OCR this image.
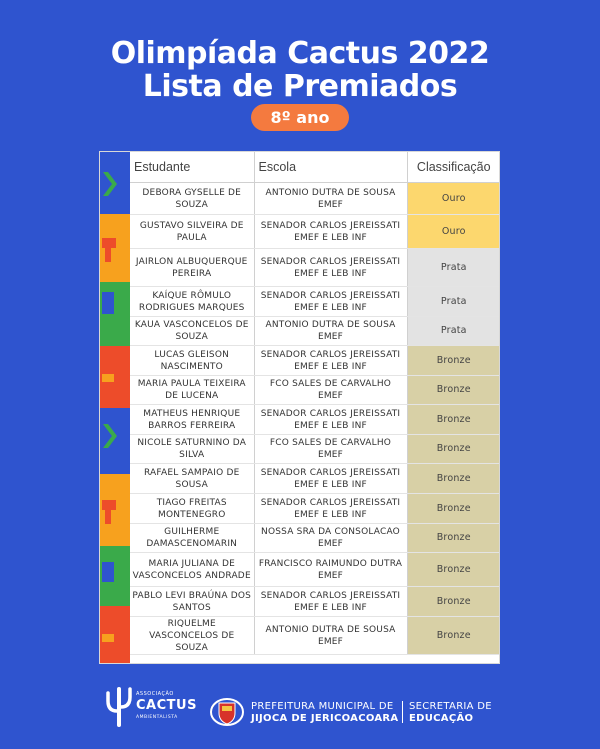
Olimpíada Cactus 2022
Lista de Premiados
8º ano
Estudante	Escola	Classificação
DEBORA GYSELLE DE SOUZA	ANTONIO DUTRA DE SOUSA EMEF	Ouro
GUSTAVO SILVEIRA DE PAULA	SENADOR CARLOS JEREISSATI EMEF E LEB INF	Ouro
JAIRLON ALBUQUERQUE PEREIRA	SENADOR CARLOS JEREISSATI EMEF E LEB INF	Prata
KAÍQUE RÔMULO RODRIGUES MARQUES	SENADOR CARLOS JEREISSATI EMEF E LEB INF	Prata
KAUA VASCONCELOS DE SOUZA	ANTONIO DUTRA DE SOUSA EMEF	Prata
LUCAS GLEISON NASCIMENTO	SENADOR CARLOS JEREISSATI EMEF E LEB INF	Bronze
MARIA PAULA TEIXEIRA DE LUCENA	FCO SALES DE CARVALHO EMEF	Bronze
MATHEUS HENRIQUE BARROS FERREIRA	SENADOR CARLOS JEREISSATI EMEF E LEB INF	Bronze
NICOLE SATURNINO DA SILVA	FCO SALES DE CARVALHO EMEF	Bronze
RAFAEL SAMPAIO DE SOUSA	SENADOR CARLOS JEREISSATI EMEF E LEB INF	Bronze
TIAGO FREITAS MONTENEGRO	SENADOR CARLOS JEREISSATI EMEF E LEB INF	Bronze
GUILHERME DAMASCENOMARIN	NOSSA SRA DA CONSOLACAO EMEF	Bronze
MARIA JULIANA DE VASCONCELOS ANDRADE	FRANCISCO RAIMUNDO DUTRA EMEF	Bronze
PABLO LEVI BRAÚNA DOS SANTOS	SENADOR CARLOS JEREISSATI EMEF E LEB INF	Bronze
RIQUELME VASCONCELOS DE SOUZA	ANTONIO DUTRA DE SOUSA EMEF	Bronze
ASSOCIAÇÃO
CACTUS
AMBIENTALISTA
PREFEITURA MUNICIPAL DE
JIJOCA DE JERICOACOARA
SECRETARIA DE
EDUCAÇÃO
